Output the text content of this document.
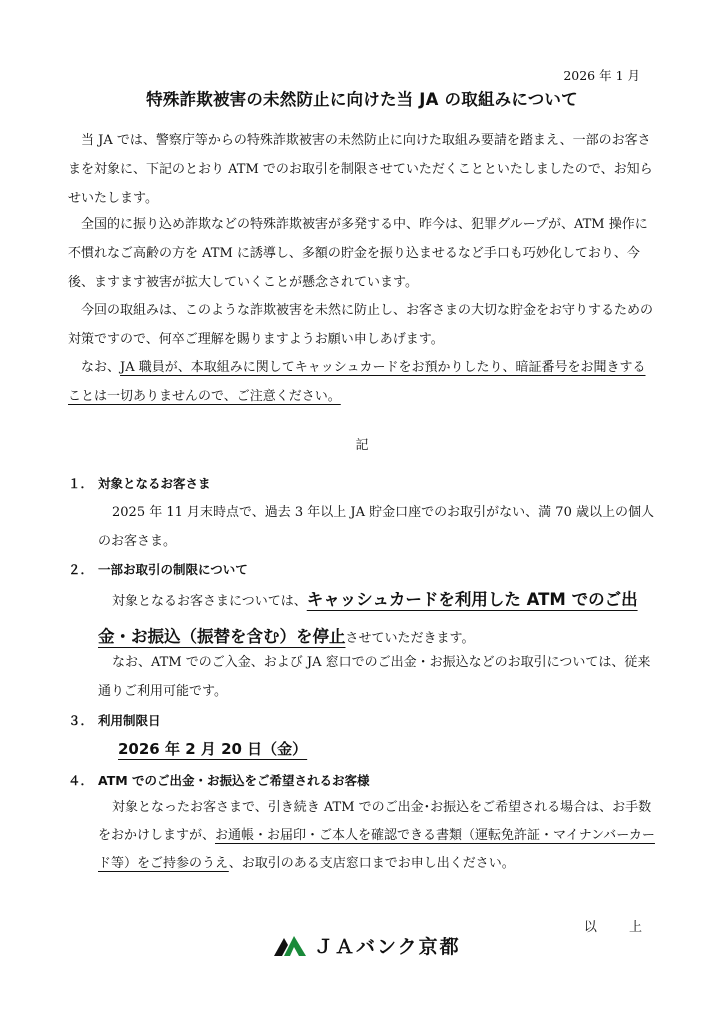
2026 年 1 月
特殊詐欺被害の未然防止に向けた当 JA の取組みについて

当 JA では、警察庁等からの特殊詐欺被害の未然防止に向けた取組み要請を踏まえ、一部のお客さまを対象に、下記のとおり ATM でのお取引を制限させていただくことといたしましたので、お知らせいたします。

全国的に振り込め詐欺などの特殊詐欺被害が多発する中、昨今は、犯罪グループが、ATM 操作に不慣れなご高齢の方を ATM に誘導し、多額の貯金を振り込ませるなど手口も巧妙化しており、今後、ますます被害が拡大していくことが懸念されています。

今回の取組みは、このような詐欺被害を未然に防止し、お客さまの大切な貯金をお守りするための対策ですので、何卒ご理解を賜りますようお願い申しあげます。

なお、JA 職員が、本取組みに関してキャッシュカードをお預かりしたり、暗証番号をお聞きすることは一切ありませんので、ご注意ください。

記
１． 対象となるお客さま

2025 年 11 月末時点で、過去 3 年以上 JA 貯金口座でのお取引がない、満 70 歳以上の個人のお客さま。

２． 一部お取引の制限について

対象となるお客さまについては、キャッシュカードを利用した ATM でのご出金・お振込（振替を含む）を停止させていただきます。

なお、ATM でのご入金、および JA 窓口でのご出金・お振込などのお取引については、従来通りご利用可能です。

３． 利用制限日
2026 年 2 月 20 日（金）
４． ATM でのご出金・お振込をご希望されるお客様

対象となったお客さまで、引き続き ATM でのご出金･お振込をご希望される場合は、お手数をおかけしますが、お通帳・お届印・ご本人を確認できる書類（運転免許証・マイナンバーカード等）をご持参のうえ、お取引のある支店窓口までお申し出ください。

以 上
ＪＡバンク京都
